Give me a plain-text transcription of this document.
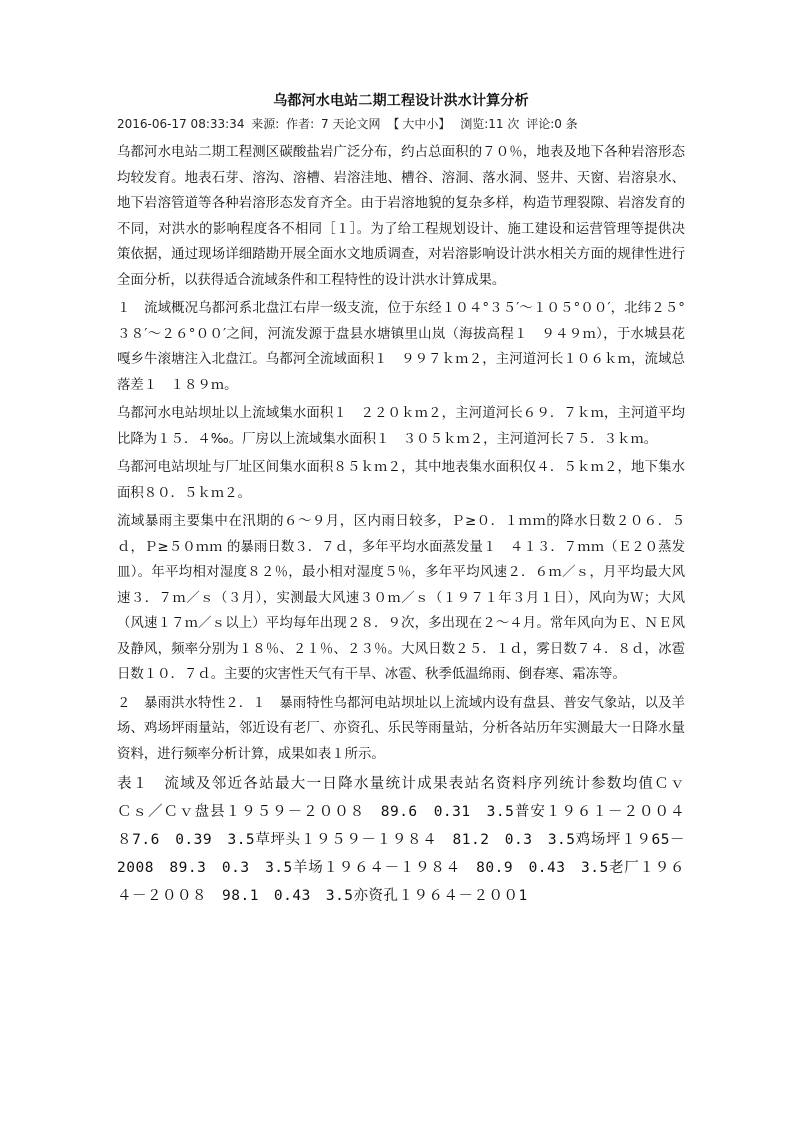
乌都河水电站二期工程设计洪水计算分析
2016-06-17 08:33:34 来源: 作者: 7 天论文网 【 大中小】 浏览:11 次 评论:0 条

乌都河水电站二期工程测区碳酸盐岩广泛分布，约占总面积的７０％，地表及地下各种岩溶形态均较发育。地表石芽、溶沟、溶槽、岩溶洼地、槽谷、溶洞、落水洞、竖井、天窗、岩溶泉水、地下岩溶管道等各种岩溶形态发育齐全。由于岩溶地貌的复杂多样，构造节理裂隙、岩溶发育的不同，对洪水的影响程度各不相同［１］。为了给工程规划设计、施工建设和运营管理等提供决策依据，通过现场详细踏勘开展全面水文地质调查，对岩溶影响设计洪水相关方面的规律性进行全面分析，以获得适合流域条件和工程特性的设计洪水计算成果。

１　流域概况乌都河系北盘江右岸一级支流，位于东经１０４°３５′～１０５°００′，北纬２５°３８′～２６°００′之间，河流发源于盘县水塘镇里山岚（海拔高程１　９４９ｍ），于水城县花嘎乡牛滚塘注入北盘江。乌都河全流域面积１　９９７ｋｍ２，主河道河长１０６ｋｍ，流域总落差１　１８９ｍ。

乌都河水电站坝址以上流域集水面积１　２２０ｋｍ２，主河道河长６９．７ｋｍ，主河道平均比降为１５．４‰。厂房以上流域集水面积１　３０５ｋｍ２，主河道河长７５．３ｋｍ。

乌都河电站坝址与厂址区间集水面积８５ｋｍ２，其中地表集水面积仅４．５ｋｍ２，地下集水面积８０．５ｋｍ２。

流域暴雨主要集中在汛期的６～９月，区内雨日较多，Ｐ≥０．１ｍｍ的降水日数２０６．５ｄ，Ｐ≥５０ｍｍ 的暴雨日数３．７ｄ，多年平均水面蒸发量１　４１３．７ｍｍ（Ｅ２０蒸发皿）。年平均相对湿度８２％，最小相对湿度５％，多年平均风速２．６ｍ／ｓ，月平均最大风速３．７ｍ／ｓ（３月），实测最大风速３０ｍ／ｓ（１９７１年３月１日），风向为Ｗ；大风（风速１７ｍ／ｓ以上）平均每年出现２８．９次，多出现在２～４月。常年风向为Ｅ、ＮＥ风及静风，频率分别为１８％、２１％、２３％。大风日数２５．１ｄ，雾日数７４．８ｄ，冰雹日数１０．７ｄ。主要的灾害性天气有干旱、冰雹、秋季低温绵雨、倒春寒、霜冻等。

２　暴雨洪水特性２．１　暴雨特性乌都河电站坝址以上流域内设有盘县、普安气象站，以及羊场、鸡场坪雨量站，邻近设有老厂、亦资孔、乐民等雨量站，分析各站历年实测最大一日降水量资料，进行频率分析计算，成果如表１所示。

表１　流域及邻近各站最大一日降水量统计成果表站名资料序列统计参数均值Ｃｖ　Ｃｓ／Ｃｖ盘县１９５９－２００８　89.6　0.31　3.5普安１９６１－２００４　８7.6　0.39　3.5草坪头１９５９－１９８４　81.2　0.3　3.5鸡场坪１９65－2008　89.3　0.3　3.5羊场１９６４－１９８４　80.9　0.43　3.5老厂１９６４－２００８　98.1　0.43　3.5亦资孔１９６４－２００1
